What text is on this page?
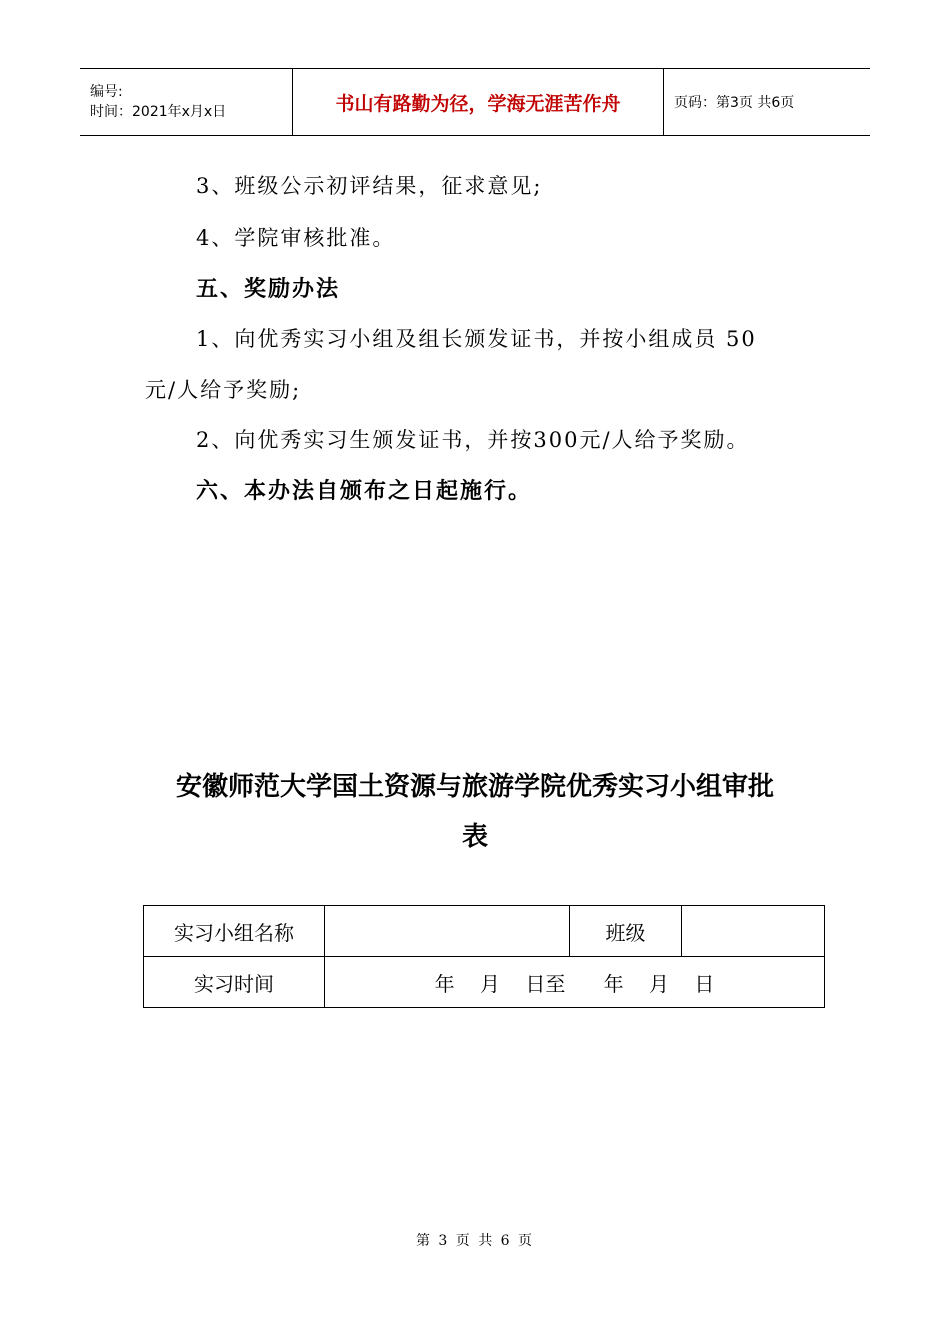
编号:
时间：2021年x月x日	书山有路勤为径，学海无涯苦作舟	页码：第3页 共6页
3、班级公示初评结果，征求意见;
4、学院审核批准。
五、奖励办法
1、向优秀实习小组及组长颁发证书，并按小组成员 50
元/人给予奖励;
2、向优秀实习生颁发证书，并按300元/人给予奖励。
六、本办法自颁布之日起施行。
安徽师范大学国土资源与旅游学院优秀实习小组审批
表
实习小组名称		班级	
实习时间	年    月    日至      年    月    日		
第 3 页 共 6 页
